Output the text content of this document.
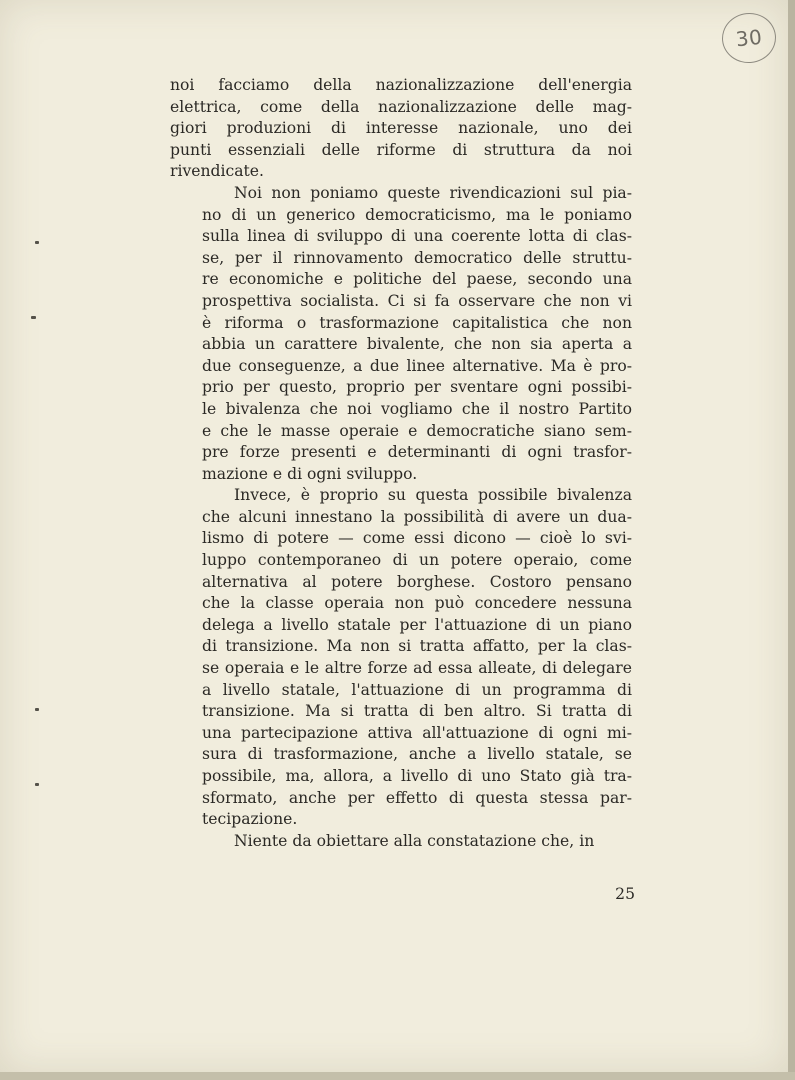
30

noi facciamo della nazionalizzazione dell'energia
elettrica, come della nazionalizzazione delle mag-
giori produzioni di interesse nazionale, uno dei
punti essenziali delle riforme di struttura da noi
rivendicate.

Noi non poniamo queste rivendicazioni sul pia-
no di un generico democraticismo, ma le poniamo
sulla linea di sviluppo di una coerente lotta di clas-
se, per il rinnovamento democratico delle struttu-
re economiche e politiche del paese, secondo una
prospettiva socialista. Ci si fa osservare che non vi
è riforma o trasformazione capitalistica che non
abbia un carattere bivalente, che non sia aperta a
due conseguenze, a due linee alternative. Ma è pro-
prio per questo, proprio per sventare ogni possibi-
le bivalenza che noi vogliamo che il nostro Partito
e che le masse operaie e democratiche siano sem-
pre forze presenti e determinanti di ogni trasfor-
mazione e di ogni sviluppo.

Invece, è proprio su questa possibile bivalenza
che alcuni innestano la possibilità di avere un dua-
lismo di potere — come essi dicono — cioè lo svi-
luppo contemporaneo di un potere operaio, come
alternativa al potere borghese. Costoro pensano
che la classe operaia non può concedere nessuna
delega a livello statale per l'attuazione di un piano
di transizione. Ma non si tratta affatto, per la clas-
se operaia e le altre forze ad essa alleate, di delegare
a livello statale, l'attuazione di un programma di
transizione. Ma si tratta di ben altro. Si tratta di
una partecipazione attiva all'attuazione di ogni mi-
sura di trasformazione, anche a livello statale, se
possibile, ma, allora, a livello di uno Stato già tra-
sformato, anche per effetto di questa stessa par-
tecipazione.

Niente da obiettare alla constatazione che, in

25
